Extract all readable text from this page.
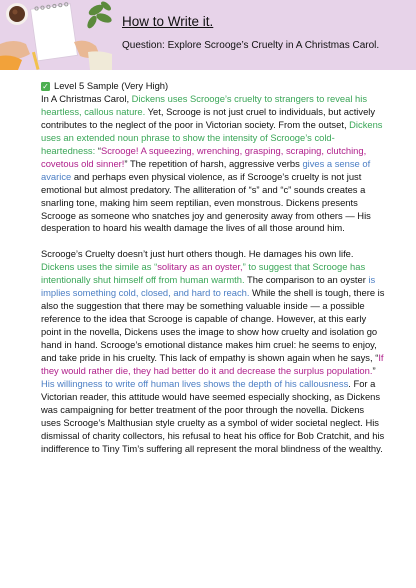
How to Write it.
Question: Explore Scrooge’s Cruelty in A Christmas Carol.
✓ Level 5 Sample (Very High)

In A Christmas Carol, Dickens uses Scrooge’s cruelty to strangers to reveal his heartless, callous nature. Yet, Scrooge is not just cruel to individuals, but actively contributes to the neglect of the poor in Victorian society. From the outset, Dickens uses an extended noun phrase to show the intensity of Scrooge’s cold-heartedness: “Scrooge! A squeezing, wrenching, grasping, scraping, clutching, covetous old sinner!” The repetition of harsh, aggressive verbs gives a sense of avarice and perhaps even physical violence, as if Scrooge’s cruelty is not just emotional but almost predatory. The alliteration of “s” and “c” sounds creates a snarling tone, making him seem reptilian, even monstrous. Dickens presents Scrooge as someone who snatches joy and generosity away from others — His desperation to hoard his wealth damage the lives of all those around him.

Scrooge’s Cruelty doesn’t just hurt others though. He damages his own life. Dickens uses the simile as “solitary as an oyster,” to suggest that Scrooge has intentionally shut himself off from human warmth. The comparison to an oyster is implies something cold, closed, and hard to reach. While the shell is tough, there is also the suggestion that there may be something valuable inside — a possible reference to the idea that Scrooge is capable of change. However, at this early point in the novella, Dickens uses the image to show how cruelty and isolation go hand in hand. Scrooge’s emotional distance makes him cruel: he seems to enjoy, and take pride in his cruelty. This lack of empathy is shown again when he says, “If they would rather die, they had better do it and decrease the surplus population.” His willingness to write off human lives shows the depth of his callousness. For a Victorian reader, this attitude would have seemed especially shocking, as Dickens was campaigning for better treatment of the poor through the novella. Dickens uses Scrooge’s Malthusian style cruelty as a symbol of wider societal neglect. His dismissal of charity collectors, his refusal to heat his office for Bob Cratchit, and his indifference to Tiny Tim’s suffering all represent the moral blindness of the wealthy.
